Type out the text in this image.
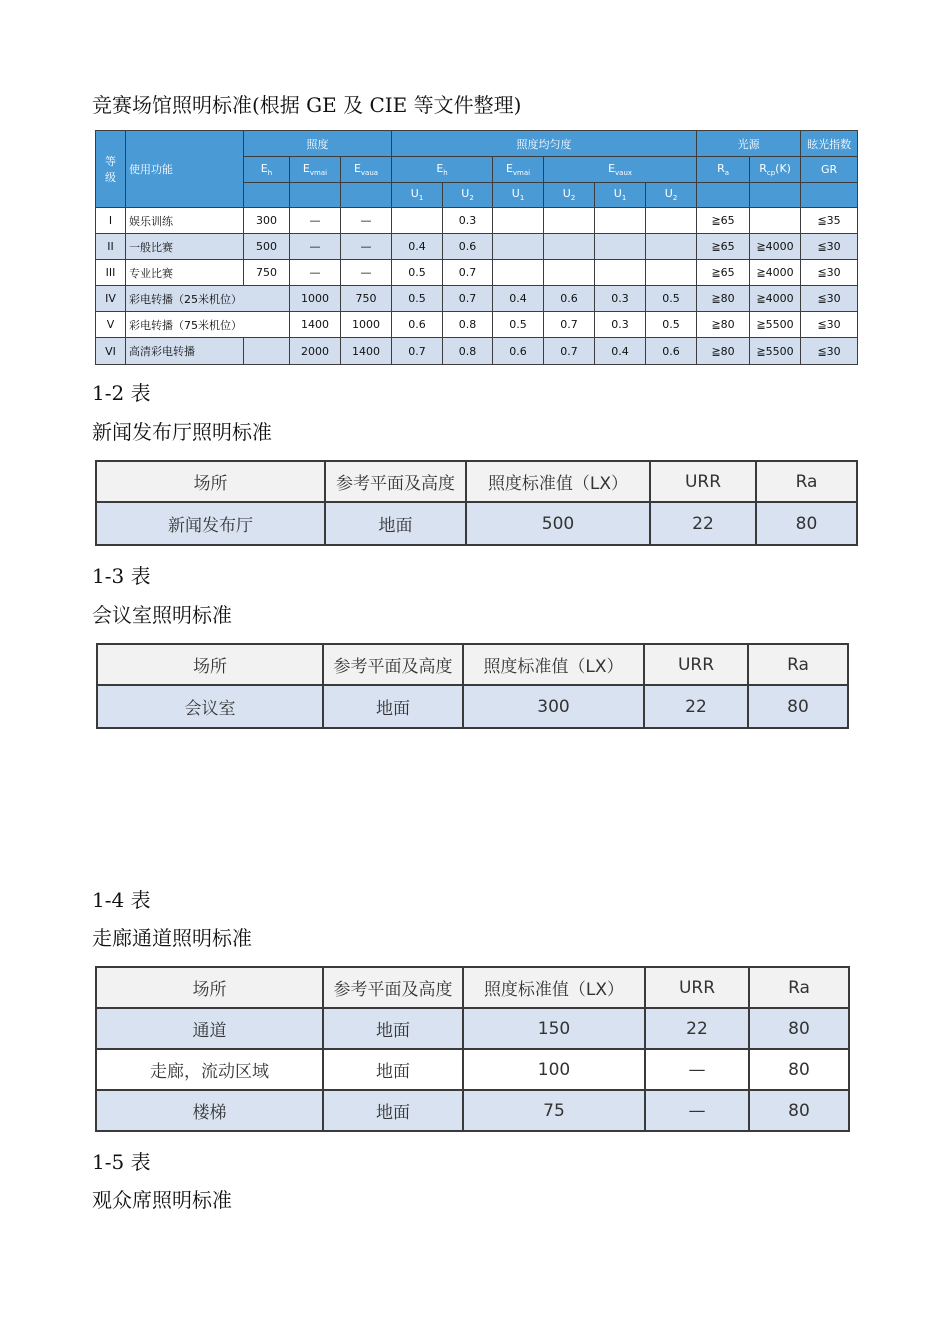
竞赛场馆照明标准(根据 GE 及 CIE 等文件整理)
等级	使用功能	照度			照度均匀度						光源		眩光指数
		$E_h$	$E_{vmai}$	$E_{vaua}$	$E_h$		$E_{vmai}$	$E_{vaux}$			$R_a$	$R_{cp}(K)$	GR
					$U_1$	$U_2$	$U_1$	$U_2$	$U_1$	$U_2$			
I	娱乐训练	300	—	—		0.3					≧65		≦35
II	一般比赛	500	—	—	0.4	0.6					≧65	≧4000	≦30
III	专业比赛	750	—	—	0.5	0.7					≧65	≧4000	≦30
IV	彩电转播（25米机位）		1000	750	0.5	0.7	0.4	0.6	0.3	0.5	≧80	≧4000	≦30
V	彩电转播（75米机位）		1400	1000	0.6	0.8	0.5	0.7	0.3	0.5	≧80	≧5500	≦30
VI	高清彩电转播		2000	1400	0.7	0.8	0.6	0.7	0.4	0.6	≧80	≧5500	≦30
1-2 表
新闻发布厅照明标准
场所	参考平面及高度	照度标准值（LX）	URR	Ra
新闻发布厅	地面	500	22	80
1-3 表
会议室照明标准
场所	参考平面及高度	照度标准值（LX）	URR	Ra
会议室	地面	300	22	80
1-4 表
走廊通道照明标准
场所	参考平面及高度	照度标准值（LX）	URR	Ra
通道	地面	150	22	80
走廊，流动区域	地面	100	—	80
楼梯	地面	75	—	80
1-5 表
观众席照明标准
